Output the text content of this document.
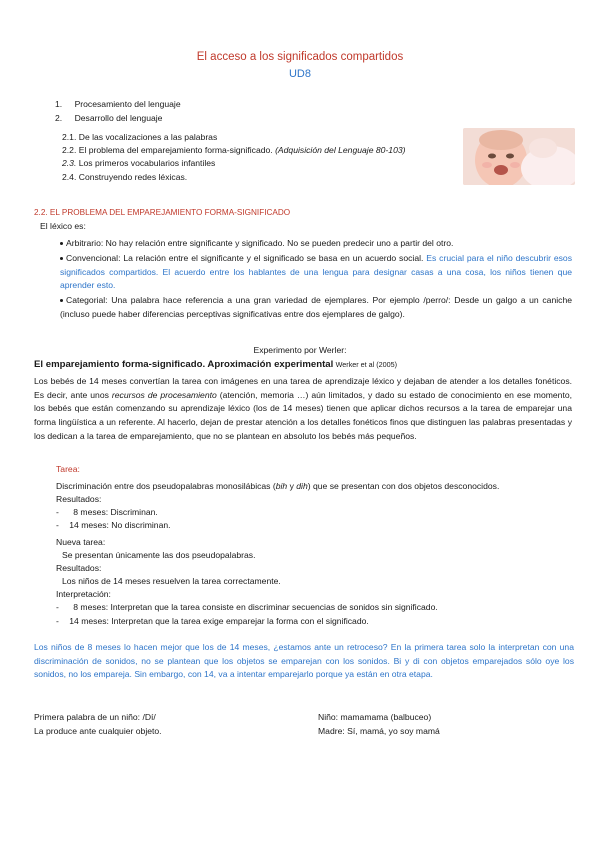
El acceso a los significados compartidos
UD8
1. Procesamiento del lenguaje
2. Desarrollo del lenguaje
2.1. De las vocalizaciones a las palabras
2.2. El problema del emparejamiento forma-significado. (Adquisición del Lenguaje 80-103)
2.3. Los primeros vocabularios infantiles
2.4. Construyendo redes léxicas.
2.2. EL PROBLEMA DEL EMPAREJAMIENTO FORMA-SIGNIFICADO
El léxico es:
Arbitrario: No hay relación entre significante y significado. No se pueden predecir uno a partir del otro.
Convencional: La relación entre el significante y el significado se basa en un acuerdo social. Es crucial para el niño descubrir esos significados compartidos. El acuerdo entre los hablantes de una lengua para designar casas a una cosa, los niños tienen que aprender esto.
Categorial: Una palabra hace referencia a una gran variedad de ejemplares. Por ejemplo /perro/: Desde un galgo a un caniche (incluso puede haber diferencias perceptivas significativas entre dos ejemplares de galgo).
Experimento por Werler:
El emparejamiento forma-significado. Aproximación experimental Werker et al (2005)
Los bebés de 14 meses convertían la tarea con imágenes en una tarea de aprendizaje léxico y dejaban de atender a los detalles fonéticos. Es decir, ante unos recursos de procesamiento (atención, memoria …) aún limitados, y dado su estado de conocimiento en ese momento, los bebés que están comenzando su aprendizaje léxico (los de 14 meses) tienen que aplicar dichos recursos a la tarea de emparejar una forma lingüística a un referente. Al hacerlo, dejan de prestar atención a los detalles fonéticos finos que distinguen las palabras presentadas y los dedican a la tarea de emparejamiento, que no se plantean en absoluto los bebés más pequeños.
Tarea:
Discriminación entre dos pseudopalabras monosilábicas (bih y dih) que se presentan con dos objetos desconocidos.
Resultados:
- 8 meses: Discriminan.
- 14 meses: No discriminan.
Nueva tarea:
Se presentan únicamente las dos pseudopalabras.
Resultados:
Los niños de 14 meses resuelven la tarea correctamente.
Interpretación:
- 8 meses: Interpretan que la tarea consiste en discriminar secuencias de sonidos sin significado.
- 14 meses: Interpretan que la tarea exige emparejar la forma con el significado.
Los niños de 8 meses lo hacen mejor que los de 14 meses, ¿estamos ante un retroceso? En la primera tarea solo la interpretan con una discriminación de sonidos, no se plantean que los objetos se emparejan con los sonidos. Bi y di con objetos emparejados sólo oye los sonidos, no los empareja. Sin embargo, con 14, va a intentar emparejarlo porque ya están en otra etapa.
Primera palabra de un niño: /Dí/
La produce ante cualquier objeto.
Niño: mamamama (balbuceo)
Madre: Sí, mamá, yo soy mamá
